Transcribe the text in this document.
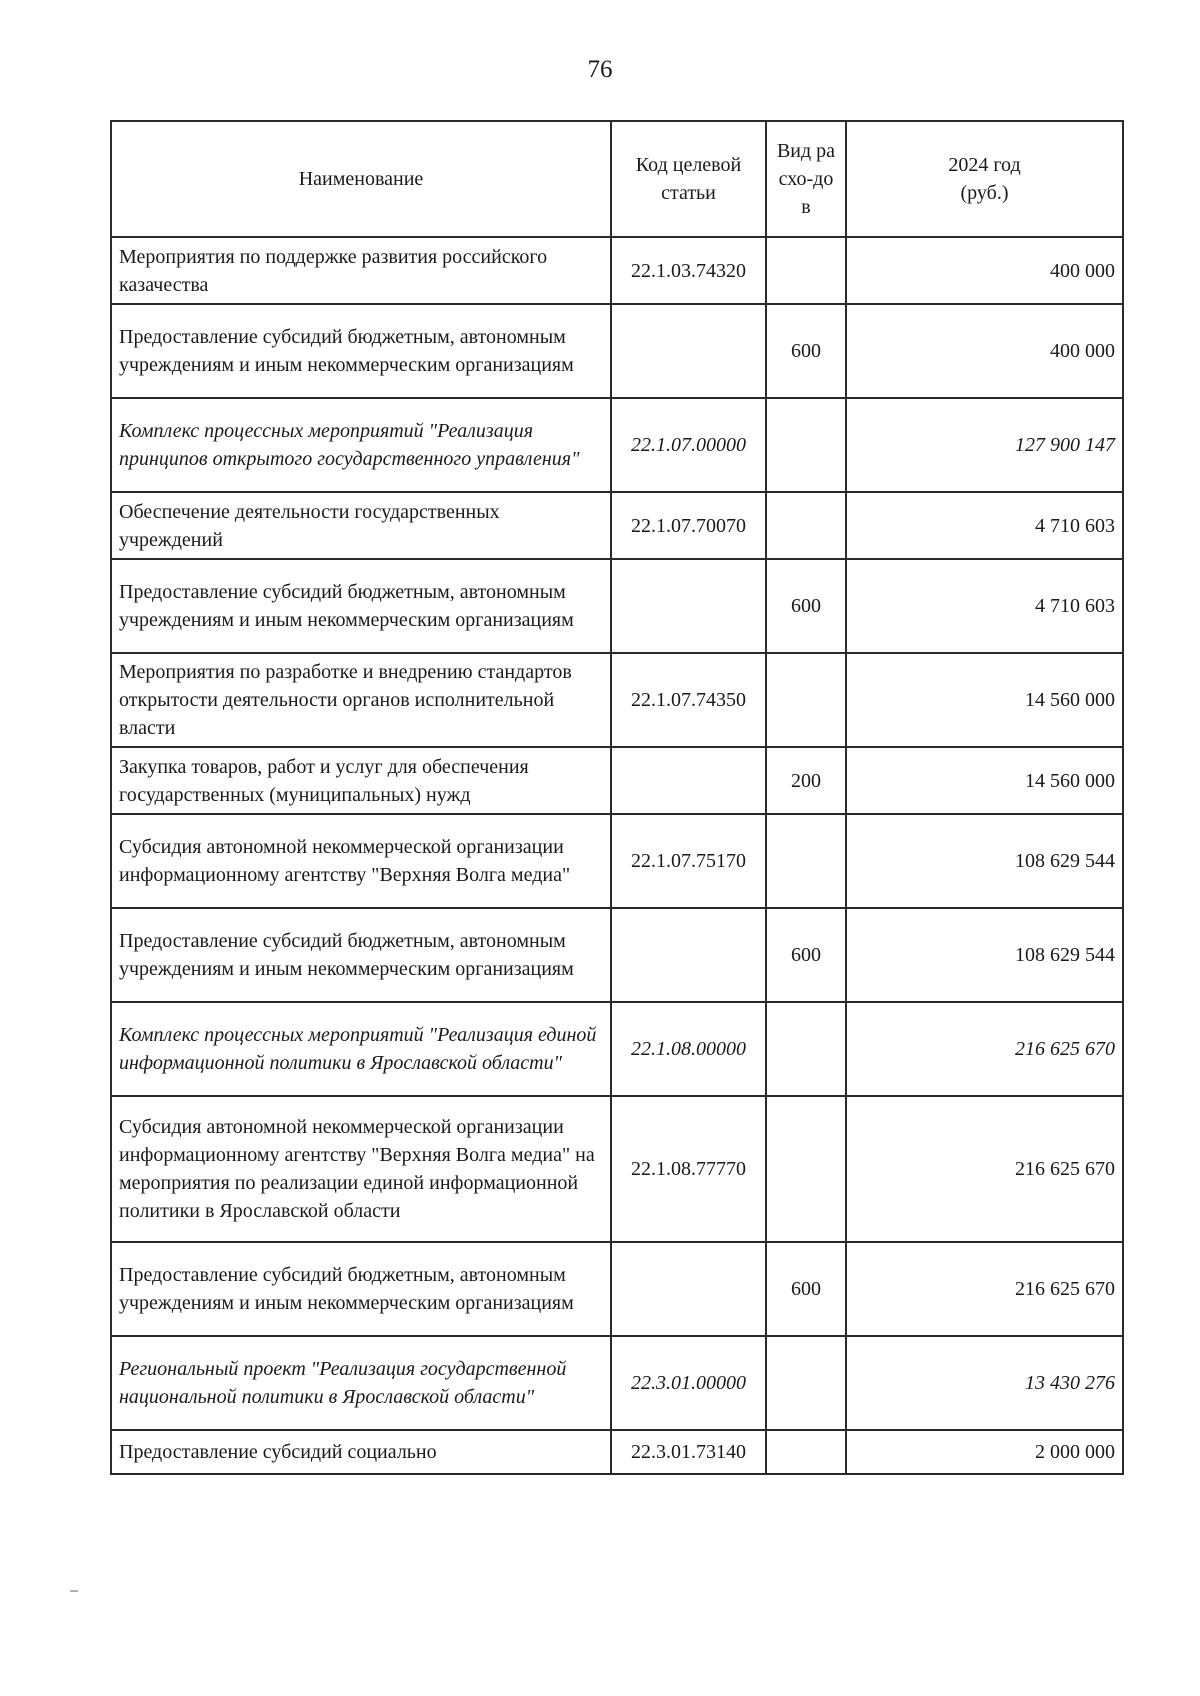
76
Наименование	Код целевой статьи	Вид расхо-дов	2024 год (руб.)
Мероприятия по поддержке развития российского казачества	22.1.03.74320		400 000
Предоставление субсидий бюджетным, автономным учреждениям и иным некоммерческим организациям		600	400 000
Комплекс процессных мероприятий "Реализация принципов открытого государственного управления"	22.1.07.00000		127 900 147
Обеспечение деятельности государственных учреждений	22.1.07.70070		4 710 603
Предоставление субсидий бюджетным, автономным учреждениям и иным некоммерческим организациям		600	4 710 603
Мероприятия по разработке и внедрению стандартов открытости деятельности органов исполнительной власти	22.1.07.74350		14 560 000
Закупка товаров, работ и услуг для обеспечения государственных (муниципальных) нужд		200	14 560 000
Субсидия автономной некоммерческой организации информационному агентству "Верхняя Волга медиа"	22.1.07.75170		108 629 544
Предоставление субсидий бюджетным, автономным учреждениям и иным некоммерческим организациям		600	108 629 544
Комплекс процессных мероприятий "Реализация единой информационной политики в Ярославской области"	22.1.08.00000		216 625 670
Субсидия автономной некоммерческой организации информационному агентству "Верхняя Волга медиа" на мероприятия по реализации единой информационной политики в Ярославской области	22.1.08.77770		216 625 670
Предоставление субсидий бюджетным, автономным учреждениям и иным некоммерческим организациям		600	216 625 670
Региональный проект "Реализация государственной национальной политики в Ярославской области"	22.3.01.00000		13 430 276
Предоставление субсидий социально	22.3.01.73140		2 000 000
